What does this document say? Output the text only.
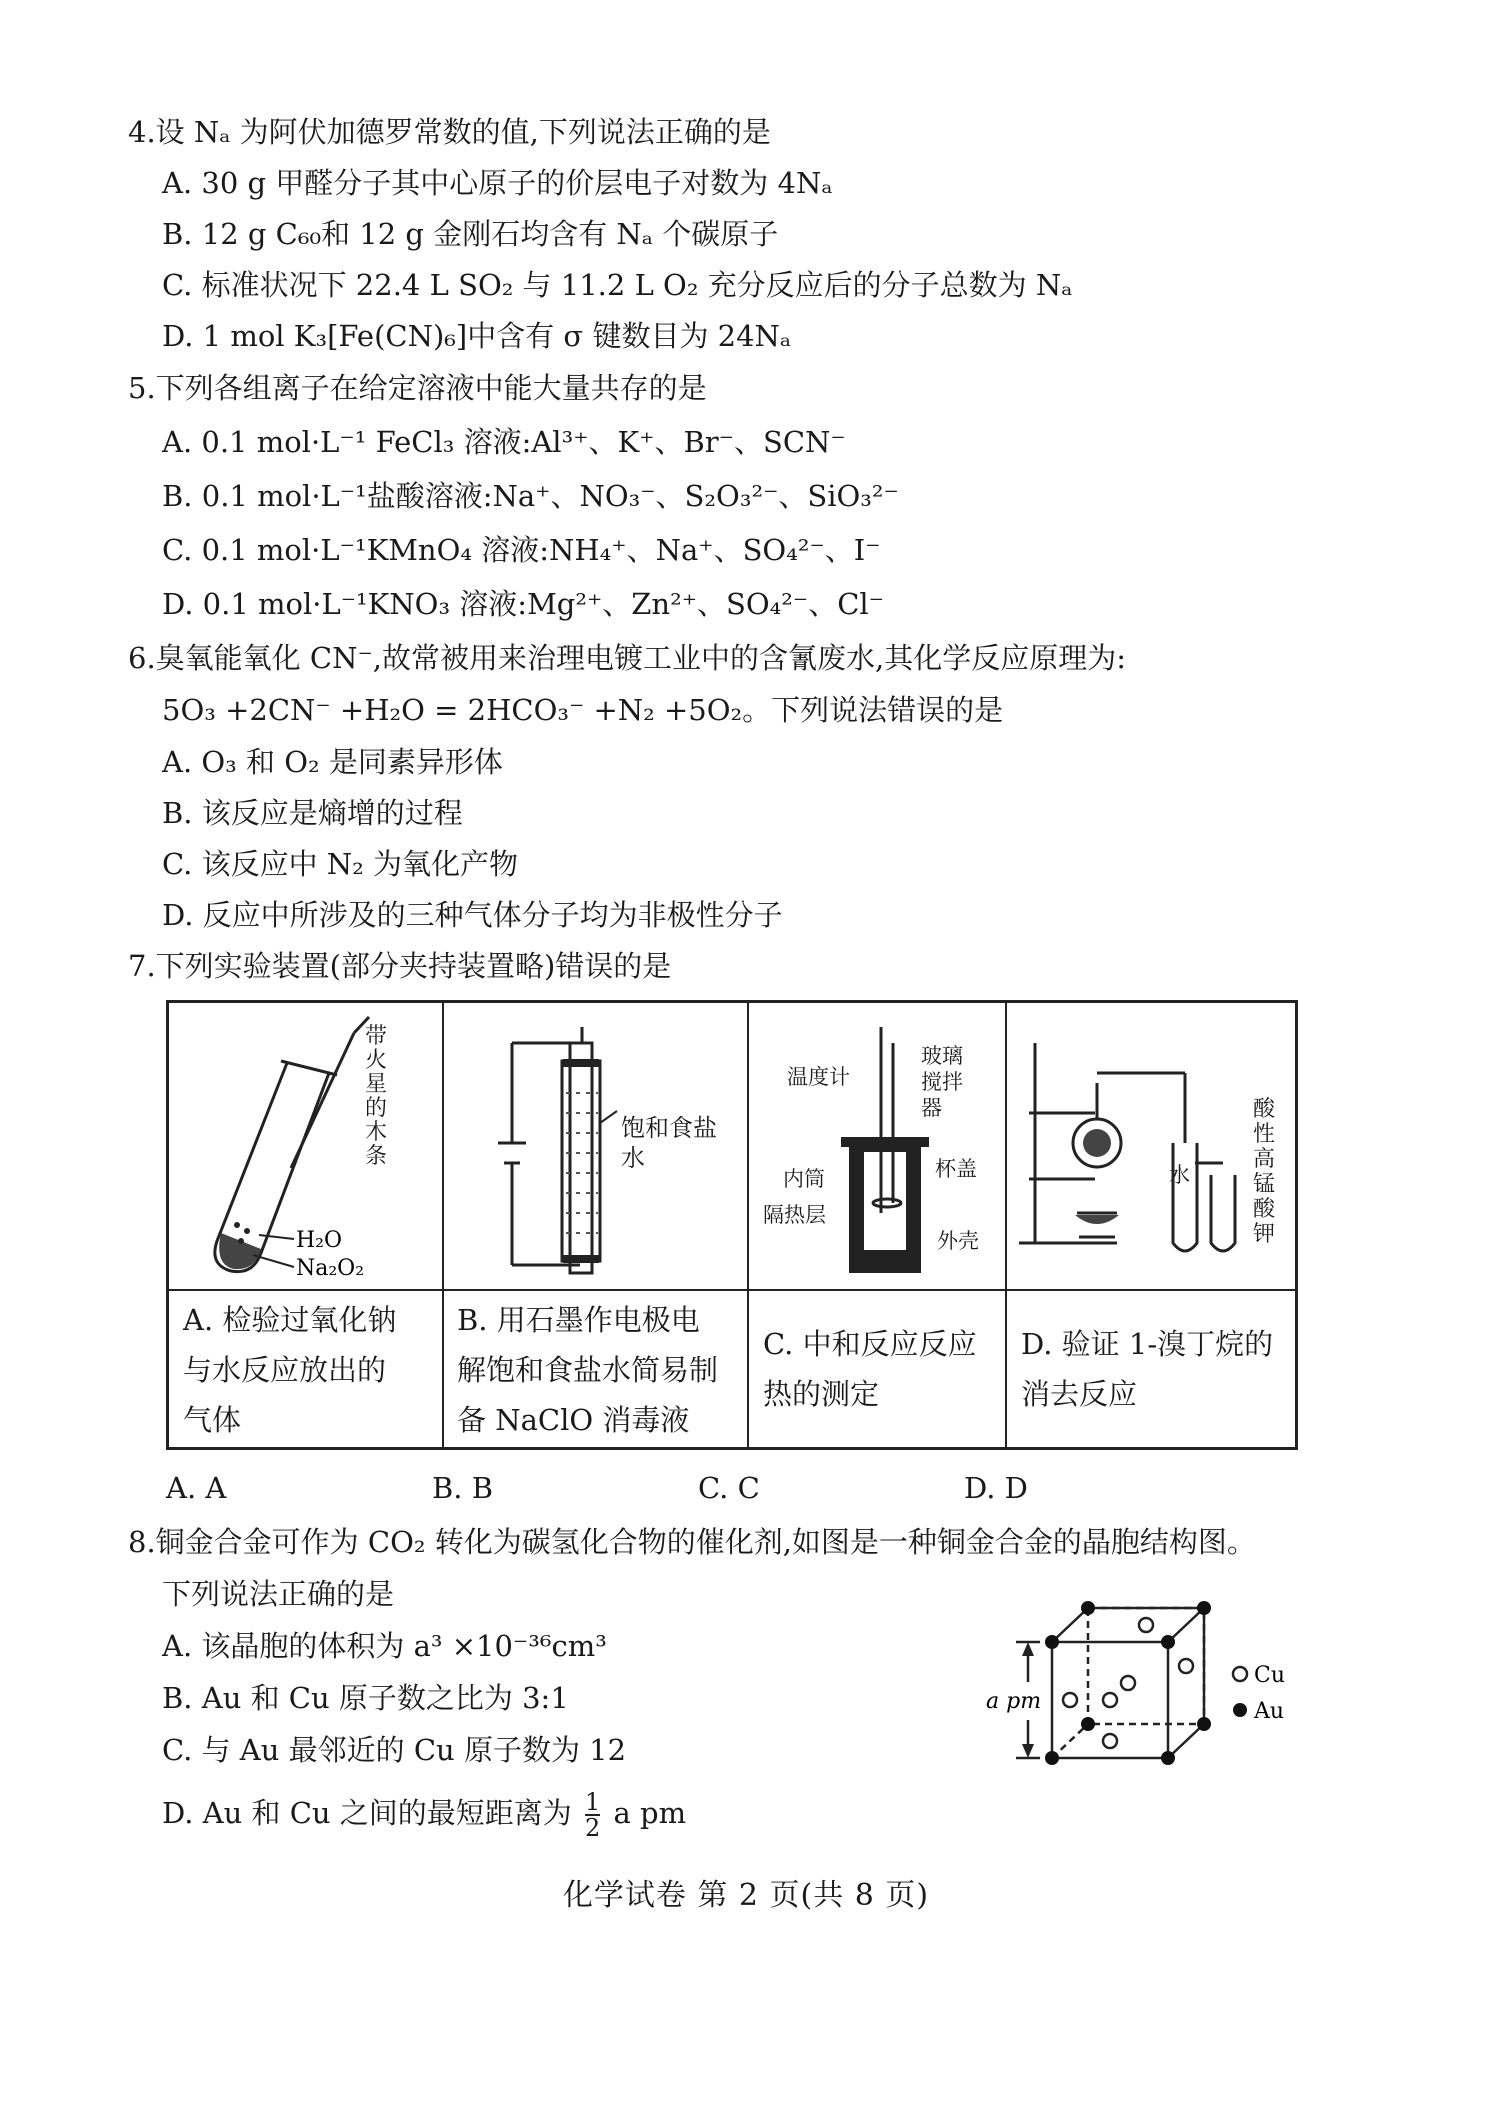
4.设 Nₐ 为阿伏加德罗常数的值,下列说法正确的是
A. 30 g 甲醛分子其中心原子的价层电子对数为 4Nₐ
B. 12 g C₆₀和 12 g 金刚石均含有 Nₐ 个碳原子
C. 标准状况下 22.4 L SO₂ 与 11.2 L O₂ 充分反应后的分子总数为 Nₐ
D. 1 mol K₃[Fe(CN)₆]中含有 σ 键数目为 24Nₐ
5.下列各组离子在给定溶液中能大量共存的是
A. 0.1 mol·L⁻¹ FeCl₃ 溶液:Al³⁺、K⁺、Br⁻、SCN⁻
B. 0.1 mol·L⁻¹盐酸溶液:Na⁺、NO₃⁻、S₂O₃²⁻、SiO₃²⁻
C. 0.1 mol·L⁻¹KMnO₄ 溶液:NH₄⁺、Na⁺、SO₄²⁻、I⁻
D. 0.1 mol·L⁻¹KNO₃ 溶液:Mg²⁺、Zn²⁺、SO₄²⁻、Cl⁻
6.臭氧能氧化 CN⁻,故常被用来治理电镀工业中的含氰废水,其化学反应原理为:
5O₃ +2CN⁻ +H₂O = 2HCO₃⁻ +N₂ +5O₂。下列说法错误的是
A. O₃ 和 O₂ 是同素异形体
B. 该反应是熵增的过程
C. 该反应中 N₂ 为氧化产物
D. 反应中所涉及的三种气体分子均为非极性分子
7.下列实验装置(部分夹持装置略)错误的是
H₂O
Na₂O₂
带火星的木条
饱和食盐水
温度计
玻璃搅拌器
内筒	杯盖
隔热层
外壳
水
酸性高锰酸钾
A. 检验过氧化钠
与水反应放出的
气体
B. 用石墨作电极电
解饱和食盐水简易制
备 NaClO 消毒液
C. 中和反应反应
热的测定
D. 验证 1-溴丁烷的
消去反应
A. A	B. B	C. C	D. D
8.铜金合金可作为 CO₂ 转化为碳氢化合物的催化剂,如图是一种铜金合金的晶胞结构图。
下列说法正确的是
A. 该晶胞的体积为 a³ ×10⁻³⁶cm³
B. Au 和 Cu 原子数之比为 3:1
C. 与 Au 最邻近的 Cu 原子数为 12
D. Au 和 Cu 之间的最短距离为 $\frac{1}{2}$ a pm
a pm
Cu
Au
化学试卷 第 2 页(共 8 页)
